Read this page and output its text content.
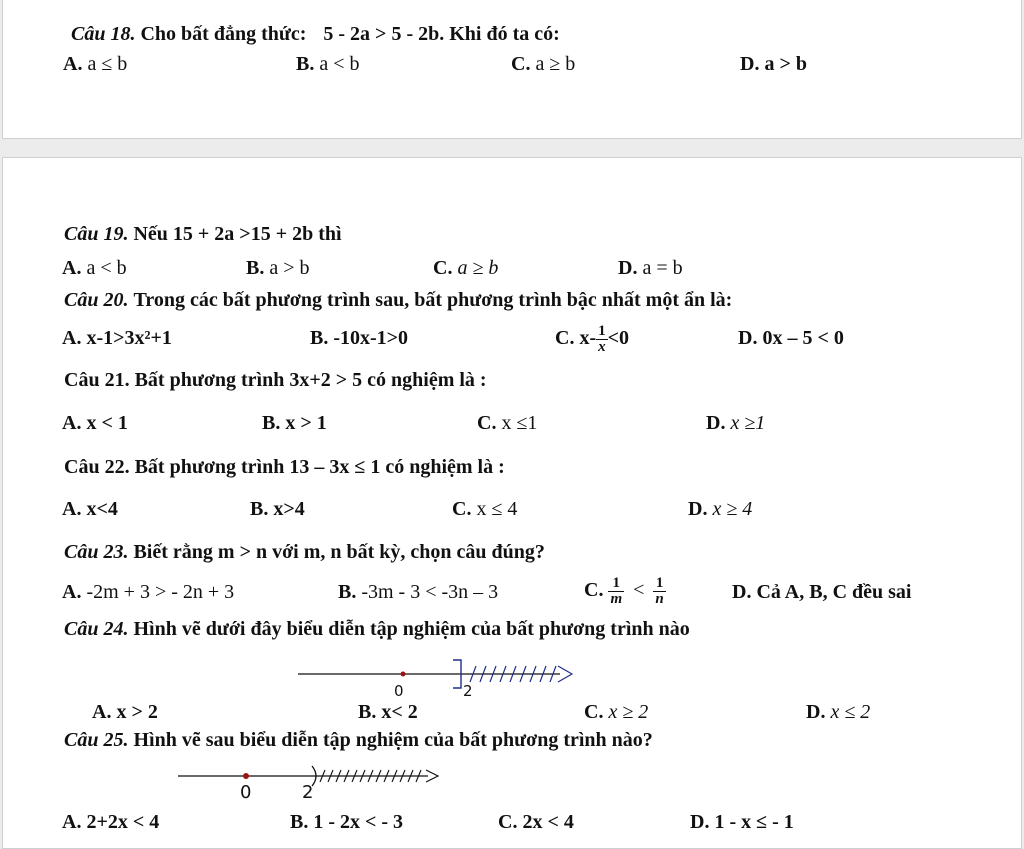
Câu 18. Cho bất đẳng thức: 5 - 2a > 5 - 2b. Khi đó ta có:
A. a ≤ b	B. a < b	C. a ≥ b	D. a > b
Câu 19. Nếu 15 + 2a >15 + 2b thì
A. a < b	B. a > b	C. a ≥ b	D. a = b
Câu 20. Trong các bất phương trình sau, bất phương trình bậc nhất một ẩn là:
A. x-1>3x²+1	B. -10x-1>0	C. $x- \frac{1}{x} <0$	D. 0x – 5 < 0
Câu 21. Bất phương trình 3x+2 > 5 có nghiệm là :
A. x < 1	B. x > 1	C. x ≤1	D. x ≥1
Câu 22. Bất phương trình 13 – 3x ≤ 1 có nghiệm là :
A. x<4	B. x>4	C. x ≤ 4	D. x ≥ 4
Câu 23. Biết rằng m > n với m, n bất kỳ, chọn câu đúng?
A. -2m + 3 > - 2n + 3	B. -3m - 3 < -3n – 3	C. $\frac{1}{m} < \frac{1}{n}$	D. Cả A, B, C đều sai
Câu 24. Hình vẽ dưới đây biểu diễn tập nghiệm của bất phương trình nào
0	2
A. x > 2	B. x< 2	C. x ≥ 2	D. x ≤ 2
Câu 25. Hình vẽ sau biểu diễn tập nghiệm của bất phương trình nào?
0	2
A. 2+2x < 4	B. 1 - 2x < - 3	C. 2x < 4	D. 1 - x ≤ - 1
